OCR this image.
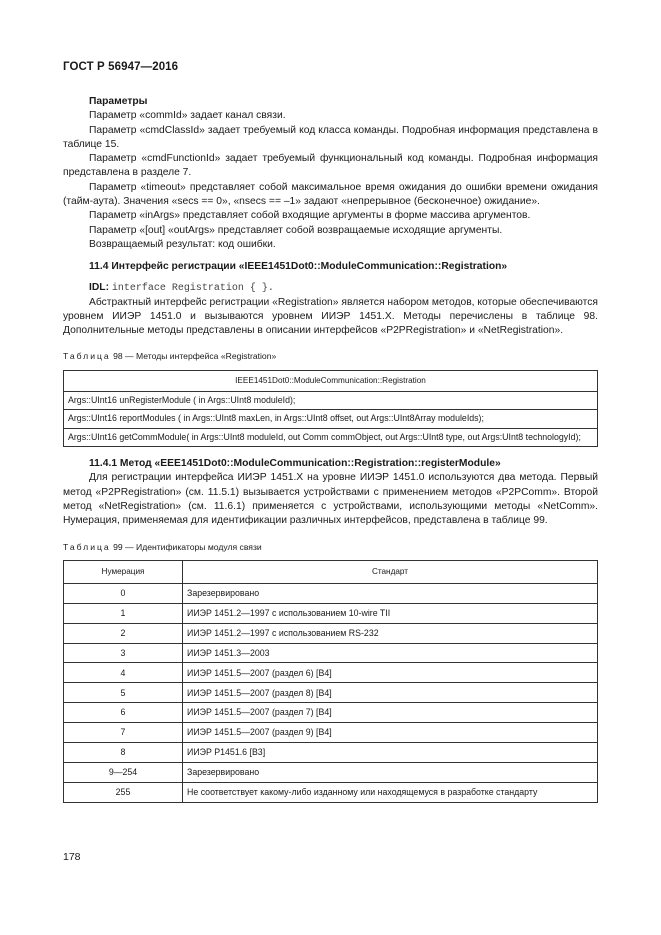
ГОСТ Р 56947—2016

Параметры

Параметр «commId» задает канал связи.

Параметр «cmdClassId» задает требуемый код класса команды. Подробная информация представлена в таблице 15.

Параметр «cmdFunctionId» задает требуемый функциональный код команды. Подробная информация представлена в разделе 7.

Параметр «timeout» представляет собой максимальное время ожидания до ошибки времени ожидания (тайм-аута). Значения «secs == 0», «nsecs == –1» задают «непрерывное (бесконечное) ожидание».

Параметр «inArgs» представляет собой входящие аргументы в форме массива аргументов.

Параметр «[out] «outArgs» представляет собой возвращаемые исходящие аргументы.

Возвращаемый результат: код ошибки.

11.4 Интерфейс регистрации «IEEE1451Dot0::ModuleCommunication::Registration»

IDL: interface Registration { }.

Абстрактный интерфейс регистрации «Registration» является набором методов, которые обеспечиваются уровнем ИИЭР 1451.0 и вызываются уровнем ИИЭР 1451.X. Методы перечислены в таблице 98. Дополнительные методы представлены в описании интерфейсов «P2PRegistration» и «NetRegistration».

Таблица 98 — Методы интерфейса «Registration»

IEEE1451Dot0::ModuleCommunication::Registration
Args::UInt16 unRegisterModule ( in Args::UInt8 moduleId);
Args::UInt16 reportModules ( in Args::UInt8 maxLen, in Args::UInt8 offset, out Args::UInt8Array moduleIds);
Args::UInt16 getCommModule( in Args::UInt8 moduleId, out Comm commObject, out Args::UInt8 type, out Args:UInt8 technologyId);

11.4.1 Метод «EEE1451Dot0::ModuleCommunication::Registration::registerModule»

Для регистрации интерфейса ИИЭР 1451.X на уровне ИИЭР 1451.0 используются два метода. Первый метод «P2PRegistration» (см. 11.5.1) вызывается устройствами с применением методов «P2PComm». Второй метод «NetRegistration» (см. 11.6.1) применяется с устройствами, использующими методы «NetComm». Нумерация, применяемая для идентификации различных интерфейсов, представлена в таблице 99.

Таблица 99 — Идентификаторы модуля связи

Нумерация	Стандарт
0	Зарезервировано
1	ИИЭР 1451.2—1997 с использованием 10-wire TII
2	ИИЭР 1451.2—1997 с использованием RS-232
3	ИИЭР 1451.3—2003
4	ИИЭР 1451.5—2007 (раздел 6) [B4]
5	ИИЭР 1451.5—2007 (раздел 8) [B4]
6	ИИЭР 1451.5—2007 (раздел 7) [B4]
7	ИИЭР 1451.5—2007 (раздел 9) [B4]
8	ИИЭР P1451.6 [B3]
9—254	Зарезервировано
255	Не соответствует какому-либо изданному или находящемуся в разработке стандарту
178
